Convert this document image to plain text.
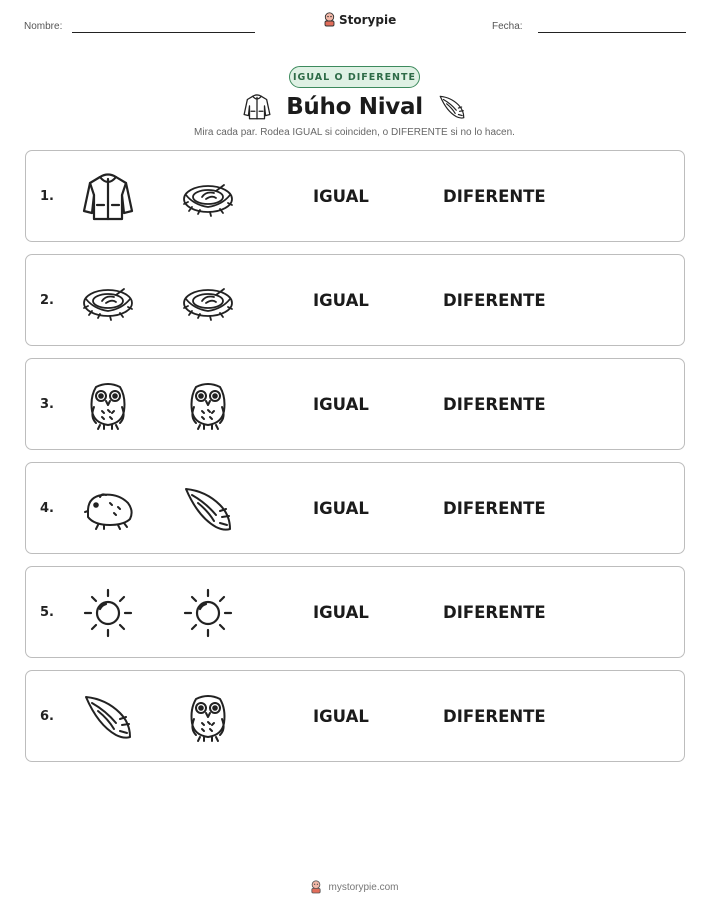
Nombre:	Storypie	Fecha:
IGUAL O DIFERENTE
Búho Nival
Mira cada par. Rodea IGUAL si coinciden, o DIFERENTE si no lo hacen.
1.	IGUAL	DIFERENTE
2.	IGUAL	DIFERENTE
3.	IGUAL	DIFERENTE
4.	IGUAL	DIFERENTE
5.	IGUAL	DIFERENTE
6.	IGUAL	DIFERENTE
mystorypie.com
